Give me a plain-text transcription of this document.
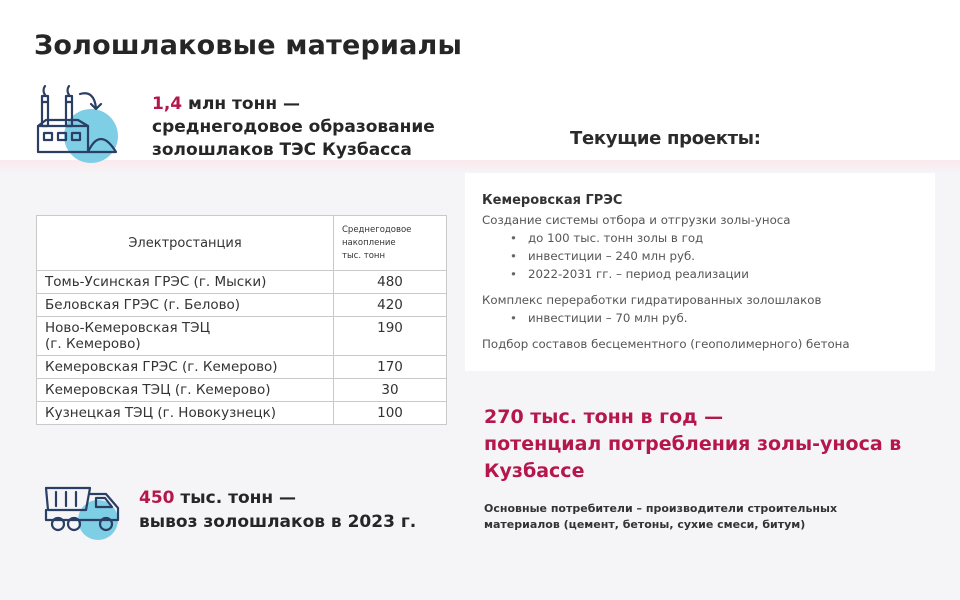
Золошлаковые материалы
1,4 млн тонн —
среднегодовое образование
золошлаков ТЭС Кузбасса
Текущие проекты:
Электростанция	Среднегодовое
накопление
тыс. тонн

Томь-Усинская ГРЭС (г. Мыски)	480
Беловская ГРЭС (г. Белово)	420

Ново-Кемеровская ТЭЦ
(г. Кемерово)	190
Кемеровская ГРЭС (г. Кемерово)	170
Кемеровская ТЭЦ (г. Кемерово)	30
Кузнецкая ТЭЦ (г. Новокузнецк)	100
Кемеровская ГРЭС
Создание системы отбора и отгрузки золы-уноса
• до 100 тыс. тонн золы в год
• инвестиции – 240 млн руб.
• 2022-2031 гг. – период реализации
Комплекс переработки гидратированных золошлаков
• инвестиции – 70 млн руб.
Подбор составов бесцементного (геополимерного) бетона
270 тыс. тонн в год —
потенциал потребления золы-уноса в
Кузбассе
Основные потребители – производители строительных
материалов (цемент, бетоны, сухие смеси, битум)
450 тыс. тонн —
вывоз золошлаков в 2023 г.
